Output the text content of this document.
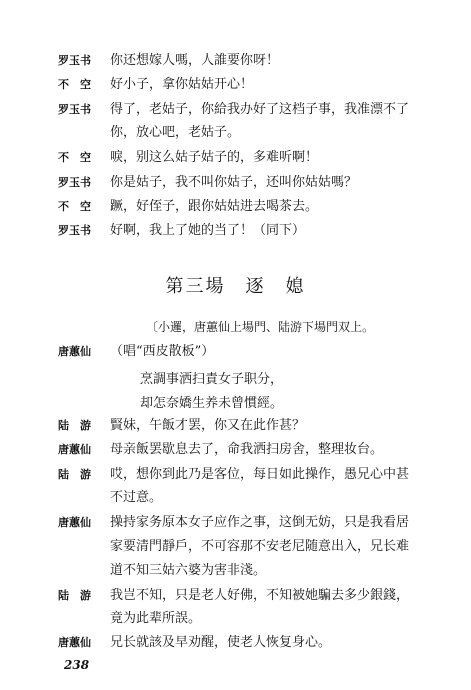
罗玉书	你还想嫁人嗎，人誰要你呀！
不　空	好小子，拿你姑姑开心！
罗玉书	得了，老姑子，你給我办好了这档子事，我准漂不了
你，放心吧，老姑子。
不　空	唳，别这么姑子姑子的，多难听啊！
罗玉书	你是姑子，我不叫你姑子，还叫你姑姑嗎？
不　空	蹶，好侄子，跟你姑姑进去喝茶去。
罗玉书	好啊，我上了她的当了！（同下）
第三場　逐　媳
〔小邏，唐蕙仙上場門、陆游下場門双上。
唐蕙仙	（唱“西皮散板”）
烹調事洒扫責女子职分，
却怎奈嬌生养未曾慣經。
陆　游	賢妹，午飯才罢，你又在此作甚？
唐蕙仙	母亲飯罢歇息去了，命我洒扫房舍，整理妆台。
陆　游	哎，想你到此乃是客位，每日如此操作，愚兄心中甚
不过意。
唐蕙仙	操持家务原本女子应作之事，这倒无妨，只是我看居
家要清門靜戶，不可容那不安老尼随意出入，兄长难
道不知三姑六婆为害非淺。
陆　游	我岂不知，只是老人好佛，不知被她騙去多少銀錢，
竟为此辈所誤。
唐蕙仙	兄长就該及早劝醒，使老人恢复身心。
238
